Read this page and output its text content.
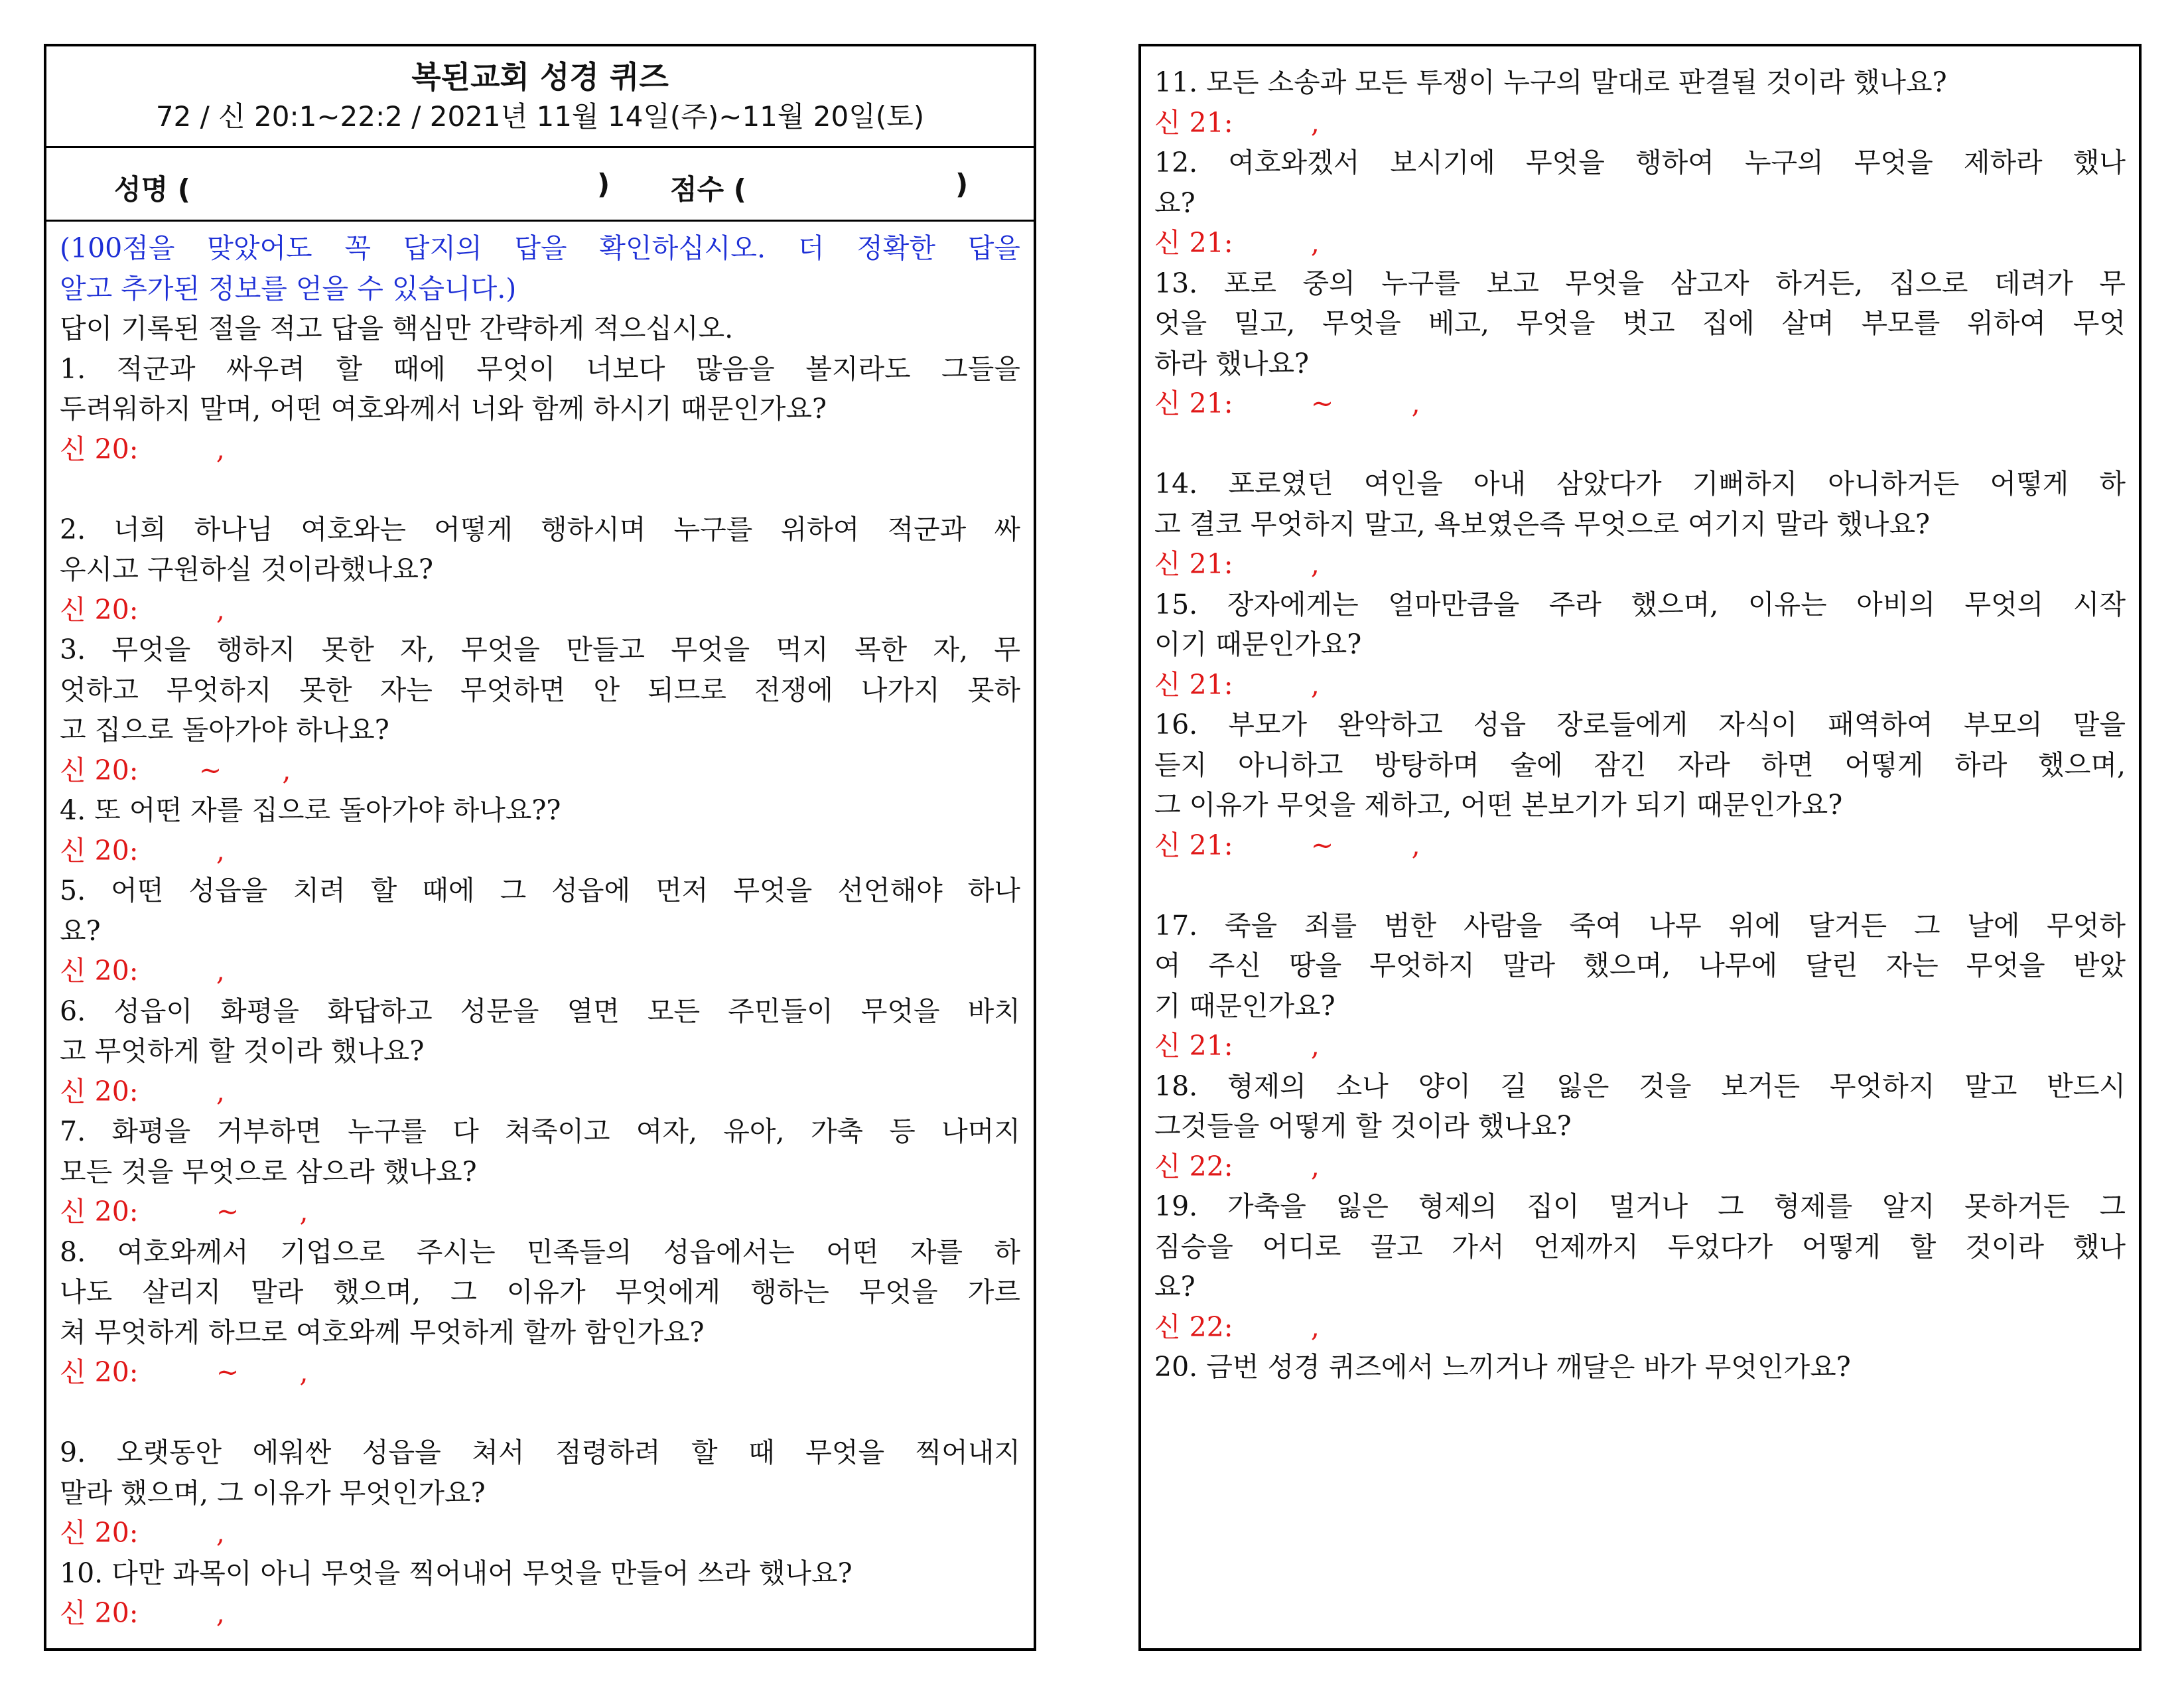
복된교회 성경 퀴즈
72 / 신 20:1~22:2 / 2021년 11월 14일(주)~11월 20일(토)
성명 (	) 점수 (	)
(100점을 맞았어도 꼭 답지의 답을 확인하십시오. 더 정확한 답을
알고 추가된 정보를 얻을 수 있습니다.)
답이 기록된 절을 적고 답을 핵심만 간략하게 적으십시오.
1. 적군과 싸우려 할 때에 무엇이 너보다 많음을 볼지라도 그들을
두려워하지 말며, 어떤 여호와께서 너와 함께 하시기 때문인가요?
신 20:         ,
2. 너희 하나님 여호와는 어떻게 행하시며 누구를 위하여 적군과 싸
우시고 구원하실 것이라했나요?
신 20:         ,
3. 무엇을 행하지 못한 자, 무엇을 만들고 무엇을 먹지 목한 자, 무
엇하고 무엇하지 못한 자는 무엇하면 안 되므로 전쟁에 나가지 못하
고 집으로 돌아가야 하나요?
신 20:       ~       ,
4. 또 어떤 자를 집으로 돌아가야 하나요??
신 20:         ,
5. 어떤 성읍을 치려 할 때에 그 성읍에 먼저 무엇을 선언해야 하나
요?
신 20:         ,
6. 성읍이 화평을 화답하고 성문을 열면 모든 주민들이 무엇을 바치
고 무엇하게 할 것이라 했나요?
신 20:         ,
7. 화평을 거부하면 누구를 다 쳐죽이고 여자, 유아, 가축 등 나머지
모든 것을 무엇으로 삼으라 했나요?
신 20:         ~       ,
8. 여호와께서 기업으로 주시는 민족들의 성읍에서는 어떤 자를 하
나도 살리지 말라 했으며, 그 이유가 무엇에게 행하는 무엇을 가르
쳐 무엇하게 하므로 여호와께 무엇하게 할까 함인가요?
신 20:         ~       ,
9. 오랫동안 에워싼 성읍을 쳐서 점령하려 할 때 무엇을 찍어내지
말라 했으며, 그 이유가 무엇인가요?
신 20:         ,
10. 다만 과목이 아니 무엇을 찍어내어 무엇을 만들어 쓰라 했나요?
신 20:         ,
11. 모든 소송과 모든 투쟁이 누구의 말대로 판결될 것이라 했나요?
신 21:         ,
12. 여호와겠서 보시기에 무엇을 행하여 누구의 무엇을 제하라 했나
요?
신 21:         ,
13. 포로 중의 누구를 보고 무엇을 삼고자 하거든, 집으로 데려가 무
엇을 밀고, 무엇을 베고, 무엇을 벗고 집에 살며 부모를 위하여 무엇
하라 했나요?
신 21:         ~         ,
14. 포로였던 여인을 아내 삼았다가 기뻐하지 아니하거든 어떻게 하
고 결코 무엇하지 말고, 욕보였은즉 무엇으로 여기지 말라 했나요?
신 21:         ,
15. 장자에게는 얼마만큼을 주라 했으며, 이유는 아비의 무엇의 시작
이기 때문인가요?
신 21:         ,
16. 부모가 완악하고 성읍 장로들에게 자식이 패역하여 부모의 말을
듣지 아니하고 방탕하며 술에 잠긴 자라 하면 어떻게 하라 했으며,
그 이유가 무엇을 제하고, 어떤 본보기가 되기 때문인가요?
신 21:         ~         ,
17. 죽을 죄를 범한 사람을 죽여 나무 위에 달거든 그 날에 무엇하
여 주신 땅을 무엇하지 말라 했으며, 나무에 달린 자는 무엇을 받았
기 때문인가요?
신 21:         ,
18. 형제의 소나 양이 길 잃은 것을 보거든 무엇하지 말고 반드시
그것들을 어떻게 할 것이라 했나요?
신 22:         ,
19. 가축을 잃은 형제의 집이 멀거나 그 형제를 알지 못하거든 그
짐승을 어디로 끌고 가서 언제까지 두었다가 어떻게 할 것이라 했나
요?
신 22:         ,
20. 금번 성경 퀴즈에서 느끼거나 깨달은 바가 무엇인가요?
